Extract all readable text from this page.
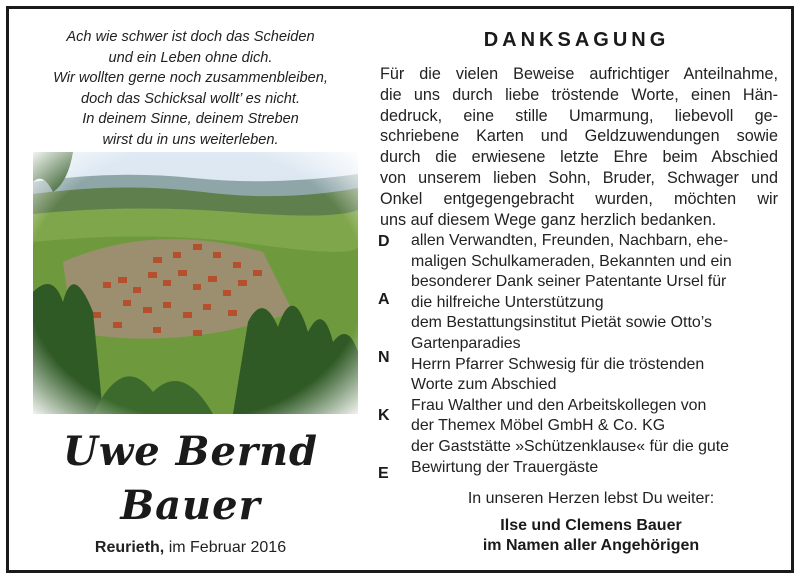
Ach wie schwer ist doch das Scheiden
und ein Leben ohne dich.
Wir wollten gerne noch zusammenbleiben,
doch das Schicksal wollt’ es nicht.
In deinem Sinne, deinem Streben
wirst du in uns weiterleben.
Uwe Bernd
Bauer
Reurieth, im Februar 2016
DANKSAGUNG
Für die vielen Beweise aufrichtiger Anteilnahme,
die uns durch liebe tröstende Worte, einen Hän-
dedruck, eine stille Umarmung, liebevoll ge-
schriebene Karten und Geldzuwendungen sowie
durch die erwiesene letzte Ehre beim Abschied
von unserem lieben Sohn, Bruder, Schwager und
Onkel entgegengebracht wurden, möchten wir
uns auf diesem Wege ganz herzlich bedanken.
D
A
N
K
E
allen Verwandten, Freunden, Nachbarn, ehe-
maligen Schulkameraden, Bekannten und ein
besonderer Dank seiner Patentante Ursel für
die hilfreiche Unterstützung
dem Bestattungsinstitut Pietät sowie Otto’s
Gartenparadies
Herrn Pfarrer Schwesig für die tröstenden
Worte zum Abschied
Frau Walther und den Arbeitskollegen von
der Themex Möbel GmbH & Co. KG
der Gaststätte »Schützenklause« für die gute
Bewirtung der Trauergäste
In unseren Herzen lebst Du weiter:
Ilse und Clemens Bauer
im Namen aller Angehörigen
